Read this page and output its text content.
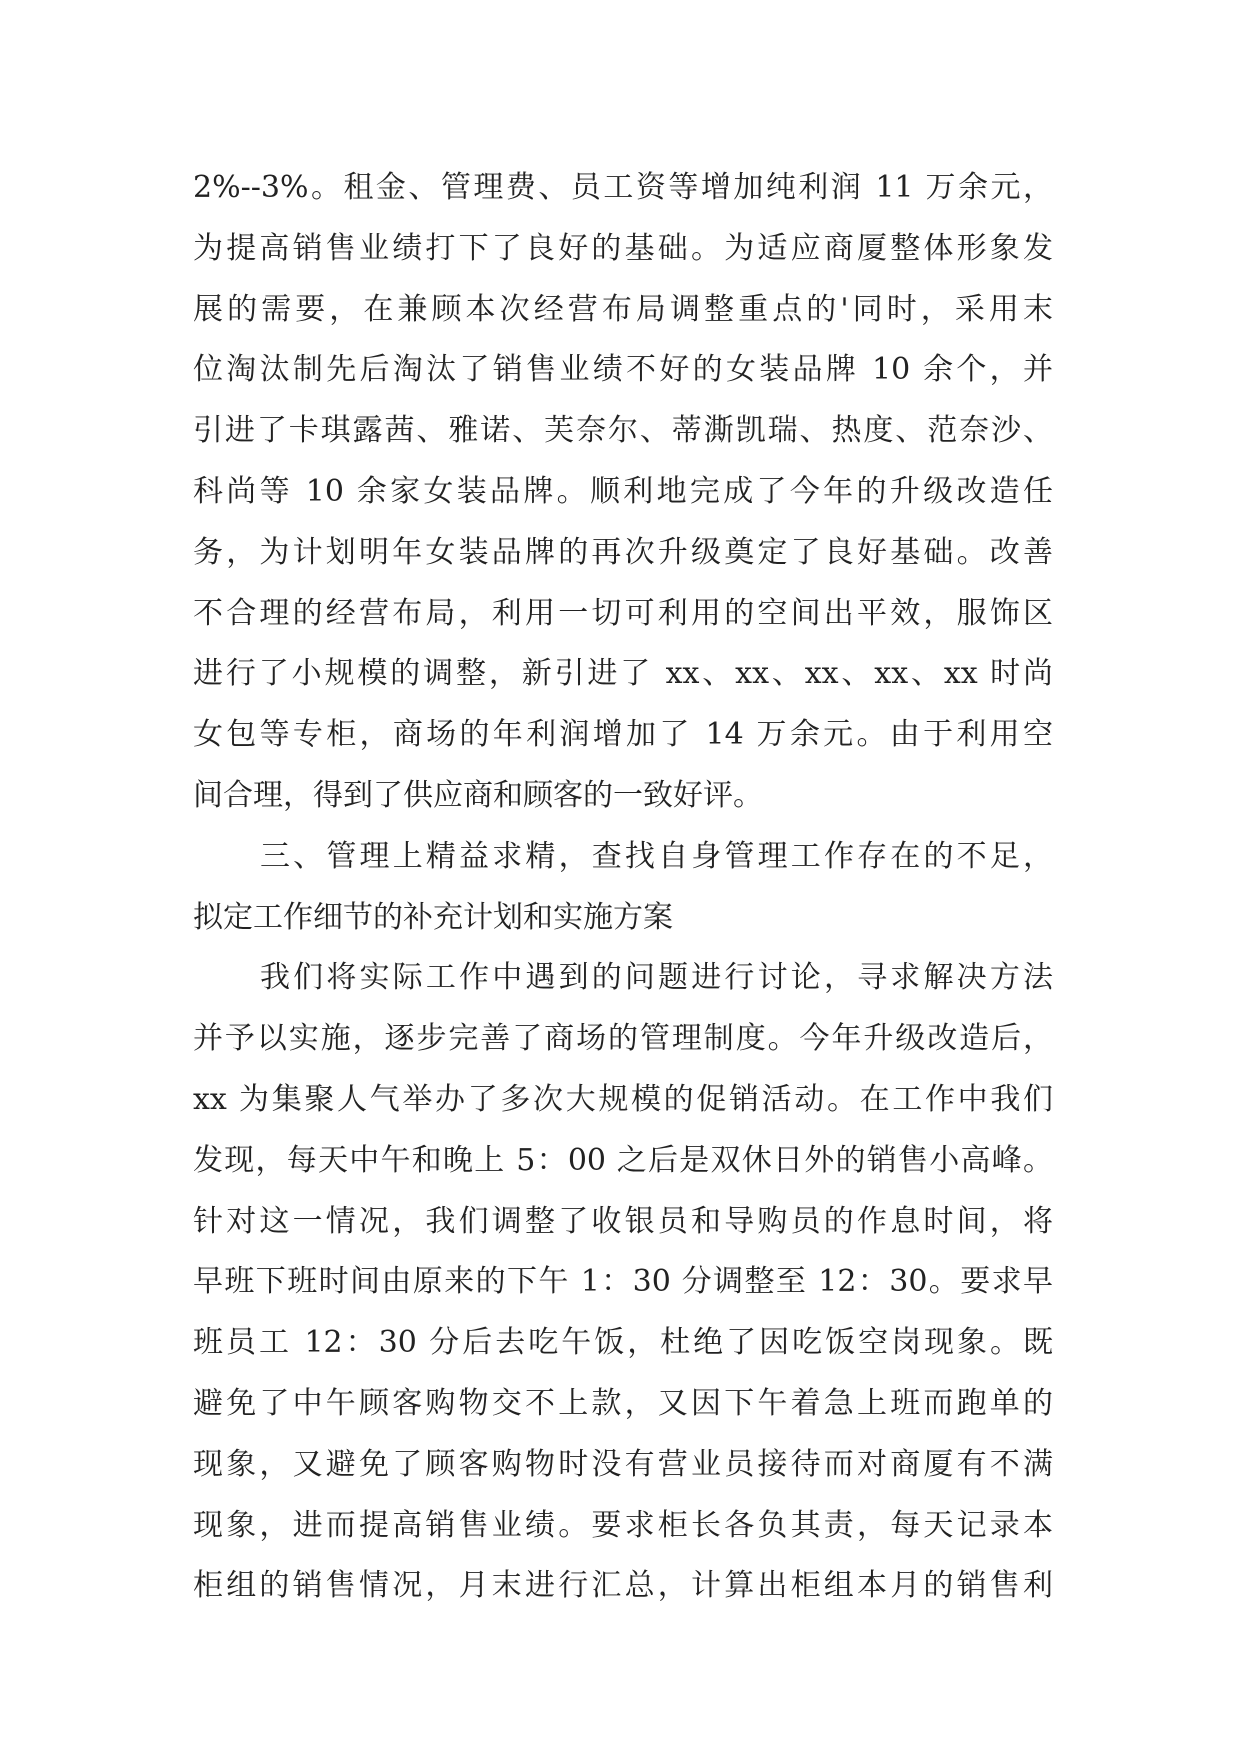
2%--3%。租金、管理费、员工资等增加纯利润 11 万余元，
为提高销售业绩打下了良好的基础。为适应商厦整体形象发
展的需要，在兼顾本次经营布局调整重点的'同时，采用末
位淘汰制先后淘汰了销售业绩不好的女装品牌 10 余个，并
引进了卡琪露茜、雅诺、芙奈尔、蒂澌凯瑞、热度、范奈沙、
科尚等 10 余家女装品牌。顺利地完成了今年的升级改造任
务，为计划明年女装品牌的再次升级奠定了良好基础。改善
不合理的经营布局，利用一切可利用的空间出平效，服饰区
进行了小规模的调整，新引进了 xx、xx、xx、xx、xx 时尚
女包等专柜，商场的年利润增加了 14 万余元。由于利用空
间合理，得到了供应商和顾客的一致好评。
三、管理上精益求精，查找自身管理工作存在的不足，
拟定工作细节的补充计划和实施方案
我们将实际工作中遇到的问题进行讨论，寻求解决方法
并予以实施，逐步完善了商场的管理制度。今年升级改造后，
xx 为集聚人气举办了多次大规模的促销活动。在工作中我们
发现，每天中午和晚上 5：00 之后是双休日外的销售小高峰。
针对这一情况，我们调整了收银员和导购员的作息时间，将
早班下班时间由原来的下午 1：30 分调整至 12：30。要求早
班员工 12：30 分后去吃午饭，杜绝了因吃饭空岗现象。既
避免了中午顾客购物交不上款，又因下午着急上班而跑单的
现象，又避免了顾客购物时没有营业员接待而对商厦有不满
现象，进而提高销售业绩。要求柜长各负其责，每天记录本
柜组的销售情况，月末进行汇总，计算出柜组本月的销售利
